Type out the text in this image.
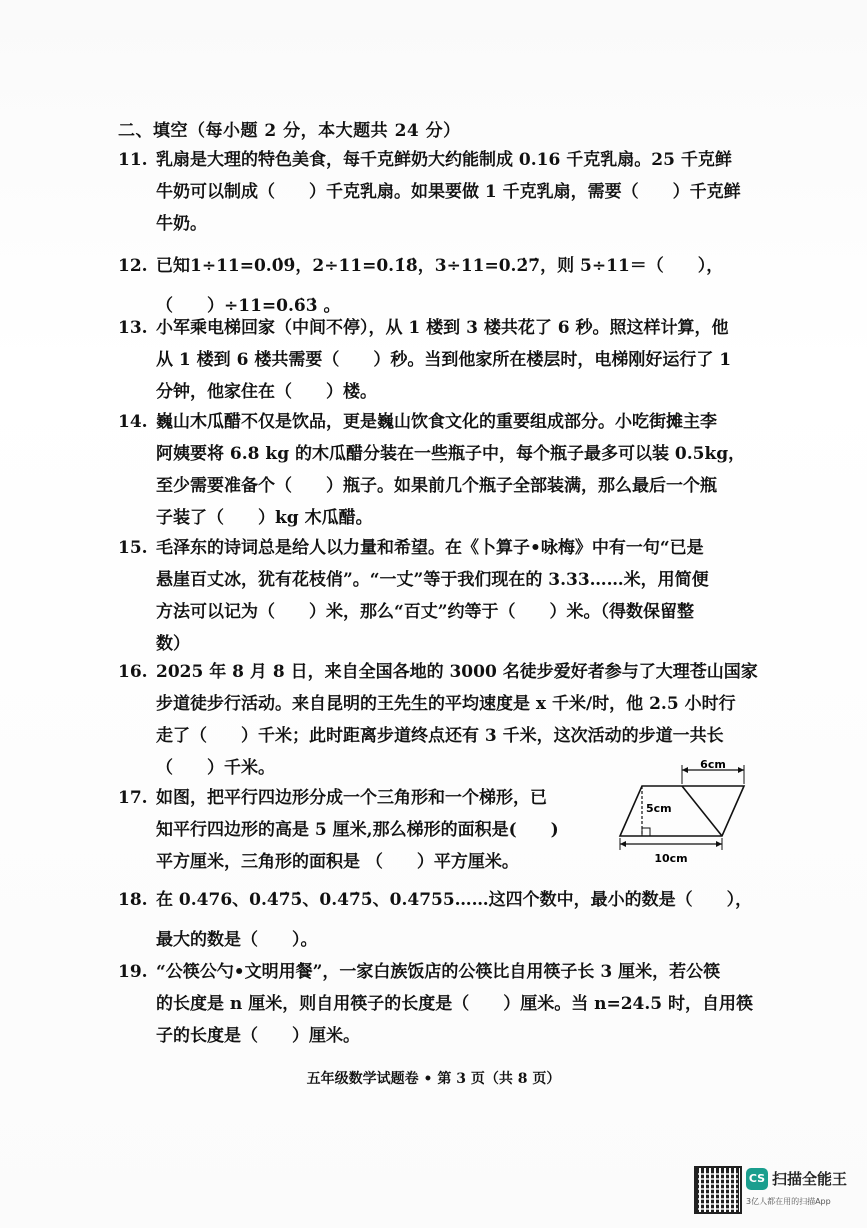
二、填空（每小题 2 分，本大题共 24 分）
11. 乳扇是大理的特色美食，每千克鲜奶大约能制成 0.16 千克乳扇。25 千克鲜
牛奶可以制成（　　）千克乳扇。如果要做 1 千克乳扇，需要（　　）千克鲜
牛奶。
12. 已知1÷11=0.0̇9̇，2÷11=0.1̇8̇，3÷11=0.2̇7̇，则 5÷11＝（　　），
（　　）÷11=0.6̇3̇ 。
13. 小军乘电梯回家（中间不停），从 1 楼到 3 楼共花了 6 秒。照这样计算，他
从 1 楼到 6 楼共需要（　　）秒。当到他家所在楼层时，电梯刚好运行了 1
分钟，他家住在（　　）楼。
14. 巍山木瓜醋不仅是饮品，更是巍山饮食文化的重要组成部分。小吃街摊主李
阿姨要将 6.8 kg 的木瓜醋分装在一些瓶子中，每个瓶子最多可以装 0.5kg，
至少需要准备个（　　）瓶子。如果前几个瓶子全部装满，那么最后一个瓶
子装了（　　）kg 木瓜醋。
15. 毛泽东的诗词总是给人以力量和希望。在《卜算子•咏梅》中有一句“已是
悬崖百丈冰，犹有花枝俏”。“一丈”等于我们现在的 3.33……米，用简便
方法可以记为（　　）米，那么“百丈”约等于（　　）米。（得数保留整
数）
16. 2025 年 8 月 8 日，来自全国各地的 3000 名徒步爱好者参与了大理苍山国家
步道徒步行活动。来自昆明的王先生的平均速度是 x 千米/时，他 2.5 小时行
走了（　　）千米；此时距离步道终点还有 3 千米，这次活动的步道一共长
（　　）千米。
17. 如图，把平行四边形分成一个三角形和一个梯形，已
知平行四边形的高是 5 厘米,那么梯形的面积是(　　)
平方厘米，三角形的面积是 （　　）平方厘米。
6cm
5cm
10cm
18. 在 0.476、0.4̇7̇5̇、0.47̇5̇、0.4755……这四个数中，最小的数是（　　），
最大的数是（　　）。
19. “公筷公勺•文明用餐”，一家白族饭店的公筷比自用筷子长 3 厘米，若公筷
的长度是 n 厘米，则自用筷子的长度是（　　）厘米。当 n=24.5 时，自用筷
子的长度是（　　）厘米。
五年级数学试题卷 • 第 3 页（共 8 页）
CS 扫描全能王
3亿人都在用的扫描App
